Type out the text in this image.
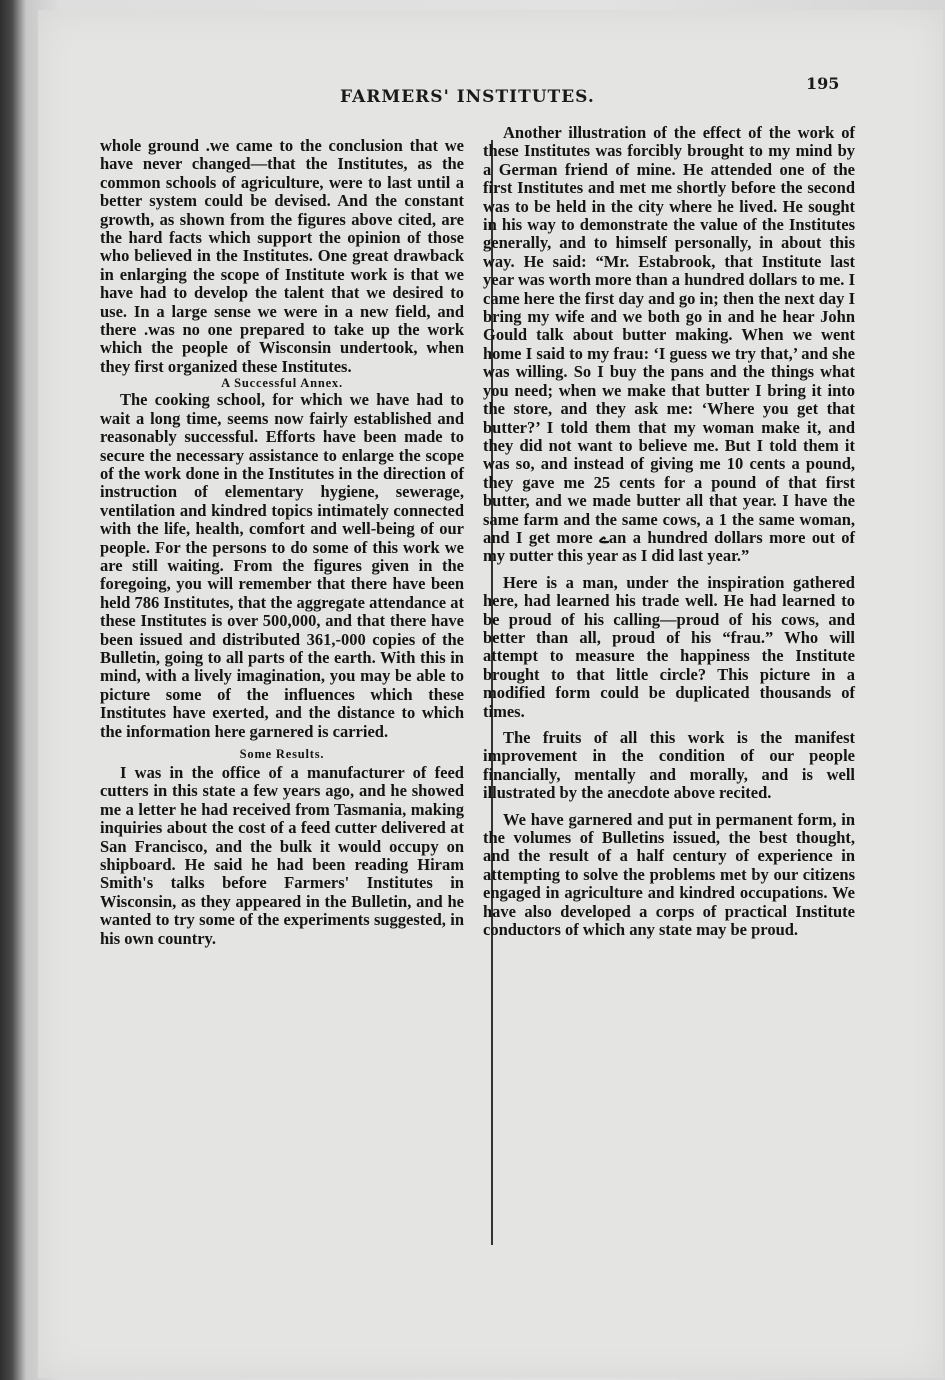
FARMERS' INSTITUTES.
195

whole ground .we came to the conclusion that we have never changed—that the Institutes, as the common schools of agriculture, were to last until a better system could be devised. And the constant growth, as shown from the figures above cited, are the hard facts which support the opinion of those who believed in the Institutes. One great drawback in enlarging the scope of Institute work is that we have had to develop the talent that we desired to use. In a large sense we were in a new field, and there .was no one prepared to take up the work which the people of Wisconsin undertook, when they first organized these Institutes.

A Successful Annex.

The cooking school, for which we have had to wait a long time, seems now fairly established and reasonably successful. Efforts have been made to secure the necessary assistance to enlarge the scope of the work done in the Institutes in the direction of instruction of elementary hygiene, sewerage, ventilation and kindred topics intimately connected with the life, health, comfort and well-being of our people. For the persons to do some of this work we are still waiting. From the figures given in the foregoing, you will remember that there have been held 786 Institutes, that the aggregate attendance at these Institutes is over 500,000, and that there have been issued and distributed 361,-000 copies of the Bulletin, going to all parts of the earth. With this in mind, with a lively imagination, you may be able to picture some of the influences which these Institutes have exerted, and the distance to which the information here garnered is carried.

Some Results.

I was in the office of a manufacturer of feed cutters in this state a few years ago, and he showed me a letter he had received from Tasmania, making inquiries about the cost of a feed cutter delivered at San Francisco, and the bulk it would occupy on shipboard. He said he had been reading Hiram Smith's talks before Farmers' Institutes in Wisconsin, as they appeared in the Bulletin, and he wanted to try some of the experiments suggested, in his own country.

Another illustration of the effect of the work of these Institutes was forcibly brought to my mind by a German friend of mine. He attended one of the first Institutes and met me shortly before the second was to be held in the city where he lived. He sought in his way to demonstrate the value of the Institutes generally, and to himself personally, in about this way. He said: “Mr. Estabrook, that Institute last year was worth more than a hundred dollars to me. I came here the first day and go in; then the next day I bring my wife and we both go in and he hear John Gould talk about butter making. When we went home I said to my frau: ‘I guess we try that,’ and she was willing. So I buy the pans and the things what you need; when we make that butter I bring it into the store, and they ask me: ‘Where you get that butter?’ I told them that my woman make it, and they did not want to believe me. But I told them it was so, and instead of giving me 10 cents a pound, they gave me 25 cents for a pound of that first butter, and we made butter all that year. I have the same farm and the same cows, a 1 the same woman, and I get more ےan a hundred dollars more out of my ɒutter this year as I did last year.”

Here is a man, under the inspiration gathered here, had learned his trade well. He had learned to be proud of his calling—proud of his cows, and better than all, proud of his “frau.” Who will attempt to measure the happiness the Institute brought to that little circle? This picture in a modified form could be duplicated thousands of times.

The fruits of all this work is the manifest improvement in the condition of our people financially, mentally and morally, and is well illustrated by the anecdote above recited.

We have garnered and put in permanent form, in the volumes of Bulletins issued, the best thought, and the result of a half century of experience in attempting to solve the problems met by our citizens engaged in agriculture and kindred occupations. We have also developed a corps of practical Institute conductors of which any state may be proud.
